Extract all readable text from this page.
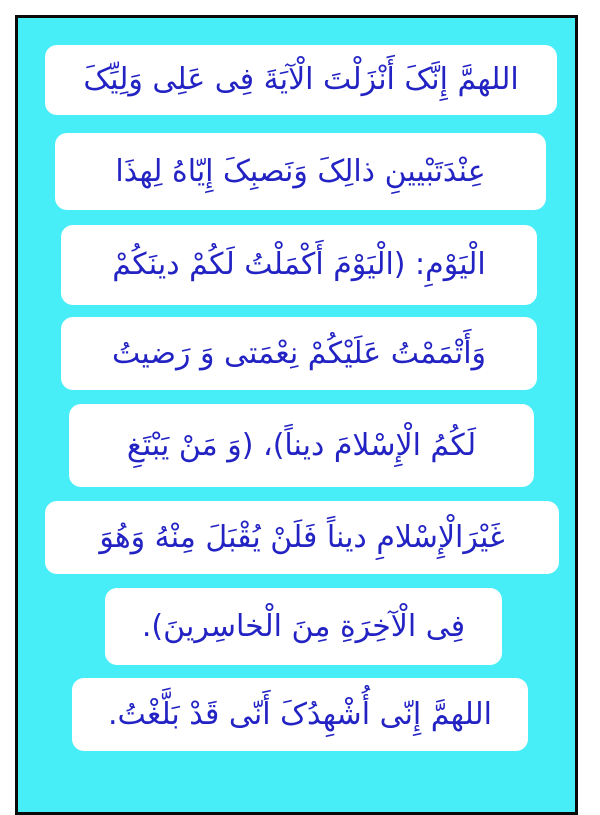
اللهمَّ إِنَّکَ أَنْزَلْتَ الْآیَةَ فِی عَلِی وَلِیِّکَ
عِنْدَتَبْیینِ ذالِکَ وَنَصبِکَ إِیّاهُ لِهذَا
الْیَوْمِ: (الْیَوْمَ أَکْمَلْتُ لَکُمْ دینَکُمْ
وَأَتْمَمْتُ عَلَیْکُمْ نِعْمَتی وَ رَضیتُ
لَکُمُ الْإِسْلامَ دیناً)، (وَ مَنْ یَبْتَغِ
غَیْرَالْإِسْلامِ دیناً فَلَنْ یُقْبَلَ مِنْهُ وَهُوَ
فِی الْآخِرَةِ مِنَ الْخاسِرینَ).
اللهمَّ إِنّی أُشْهِدُکَ أَنّی قَدْ بَلَّغْتُ.
